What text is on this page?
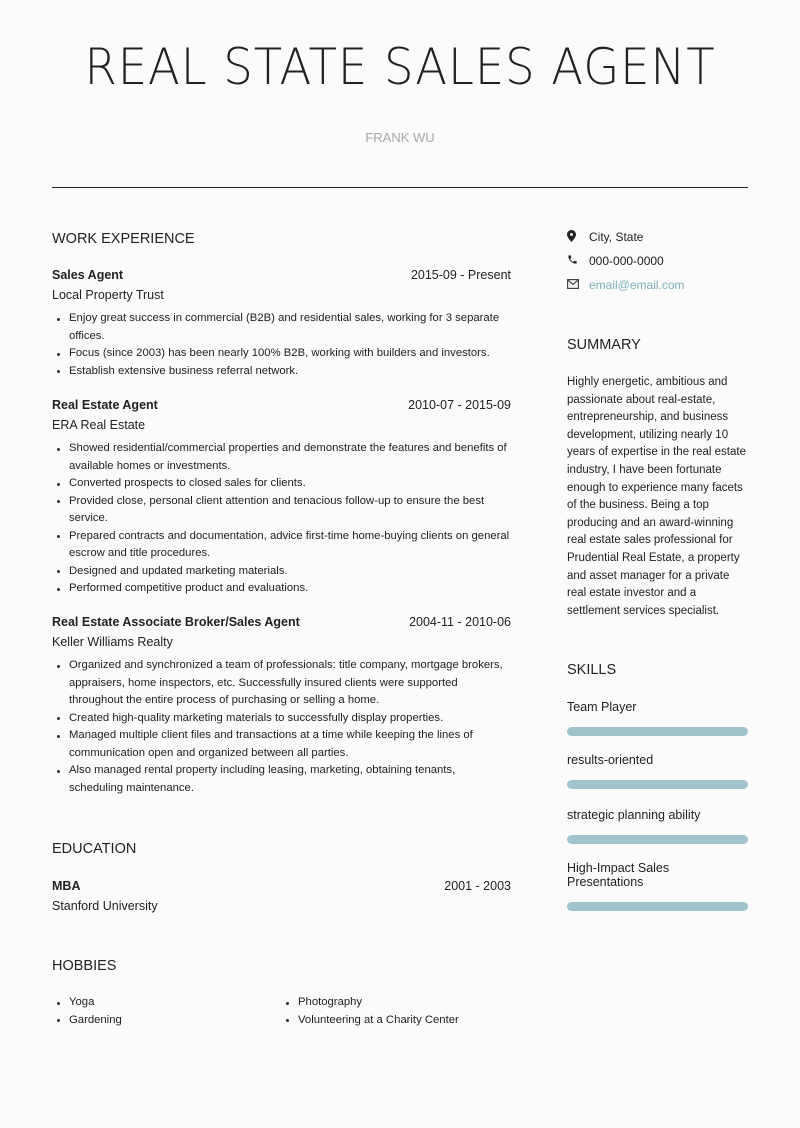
REAL STATE SALES AGENT
FRANK WU
WORK EXPERIENCE
Sales Agent	2015-09 - Present
Local Property Trust
Enjoy great success in commercial (B2B) and residential sales, working for 3 separate offices.
Focus (since 2003) has been nearly 100% B2B, working with builders and investors.
Establish extensive business referral network.
Real Estate Agent	2010-07 - 2015-09
ERA Real Estate
Showed residential/commercial properties and demonstrate the features and benefits of available homes or investments.
Converted prospects to closed sales for clients.
Provided close, personal client attention and tenacious follow-up to ensure the best service.
Prepared contracts and documentation, advice first-time home-buying clients on general escrow and title procedures.
Designed and updated marketing materials.
Performed competitive product and evaluations.
Real Estate Associate Broker/Sales Agent	2004-11 - 2010-06
Keller Williams Realty
Organized and synchronized a team of professionals: title company, mortgage brokers, appraisers, home inspectors, etc. Successfully insured clients were supported throughout the entire process of purchasing or selling a home.
Created high-quality marketing materials to successfully display properties.
Managed multiple client files and transactions at a time while keeping the lines of communication open and organized between all parties.
Also managed rental property including leasing, marketing, obtaining tenants, scheduling maintenance.
EDUCATION
MBA	2001 - 2003
Stanford University
HOBBIES
Yoga
Gardening
Photography
Volunteering at a Charity Center
City, State
000-000-0000
email@email.com
SUMMARY
Highly energetic, ambitious and passionate about real-estate, entrepreneurship, and business development, utilizing nearly 10 years of expertise in the real estate industry, I have been fortunate enough to experience many facets of the business. Being a top producing and an award-winning real estate sales professional for Prudential Real Estate, a property and asset manager for a private real estate investor and a settlement services specialist.
SKILLS
Team Player
results-oriented
strategic planning ability
High-Impact Sales Presentations
